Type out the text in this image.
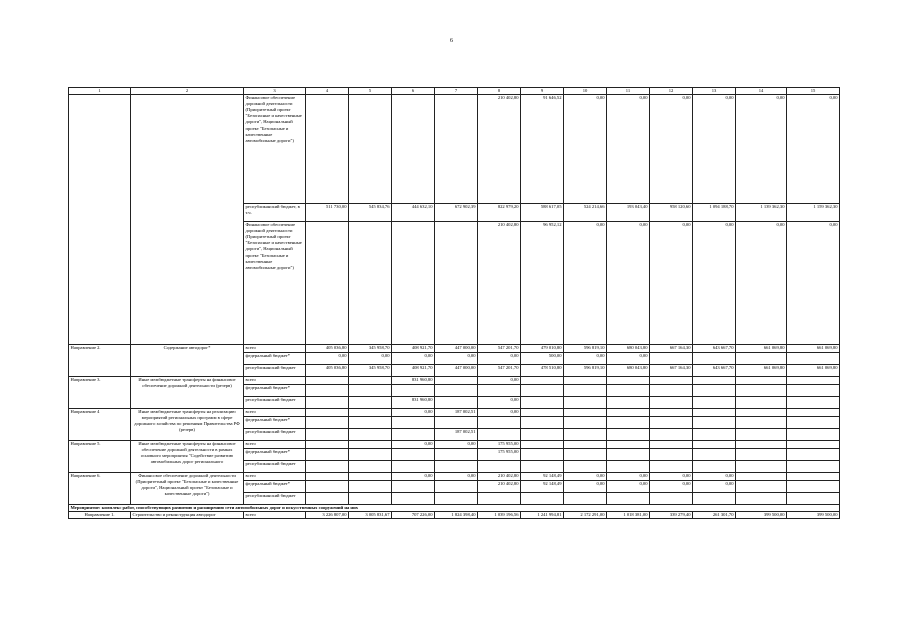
6
1	2	3	4	5	6	7	8	9	10	11	12	13	14	15
		Финансовое обеспечение дорожной деятельности (Приоритетный проект "Безопасные и качественные дороги", Национальный проект "Безопасные и качественные автомобильные дороги")					210 402,80	91 646,52	0,00	0,00	0,00	0,00	0,00	0,00
		республиканский бюджет, в т.ч.	511 730,00	545 834,76	444 632,10	672 902,39	822 979,20	588 617,05	524 214,66	193 043,40	958 120,60	1 094 188,70	1 139 362,30	1 159 362,30
		Финансовое обеспечение дорожной деятельности (Приоритетный проект "Безопасные и качественные дороги", Национальный проект "Безопасные и качественные автомобильные дороги")					210 402,80	96 952,12	0,00	0,00	0,00	0,00	0,00	0,00
Направление 2.	Содержание автодорог*	всего	405 036,80	345 958,70	408 921,70	447 000,00	547 201,70	479 010,80	596 819,10	680 043,80	667 164,30	643 667,70	661 069,80	661 069,80
		федеральный бюджет*	0,00	0,00	0,00	0,00	0,00	500,00	0,00	0,00				
		республиканский бюджет	405 036,80	345 958,70	408 921,70	447 000,00	547 201,70	478 510,80	596 819,10	680 043,80	667 164,30	643 667,70	661 069,80	661 069,80
Направление 3.	Иные межбюджетные трансферты на финансовое обеспечение дорожной деятельности (резерв)	всего			831 960,80		0,00							
		федеральный бюджет*												
		республиканский бюджет			831 960,80		0,00							
Направление 4	Иные межбюджетные трансферты на реализацию мероприятий региональных программ в сфере дорожного хозяйства по решениям Правительства РФ (резерв)	всего			0,00	187 002,51	0,00							
		федеральный бюджет*												
		республиканский бюджет				187 002,51								
Направление 5.	Иные межбюджетные трансферты на финансовое обеспечение дорожной деятельности в рамках основного мероприятия "Содействие развитию автомобильных дорог регионального	всего			0,00	0,00	175 955,00							
		федеральный бюджет*					175 955,00							
		республиканский бюджет												
Направление 6.	Финансовое обеспечение дорожной деятельности (Приоритетный проект "Безопасные и качественные дороги", Национальный проект "Безопасные и качественные дороги")	всего			0,00	0,00	210 402,80	92 148,49	0,00	0,00	0,00	0,00		
		федеральный бюджет*					210 402,80	92 148,49	0,00	0,00	0,00	0,00		
		республиканский бюджет												
Мероприятие: комплекс работ, способствующих развитию и расширению сети автомобильных дорог и искусственных сооружений на них														
Направление 1.	Строительство и реконструкция автодорог	всего	3 226 807,00	3 005 831,67	707 226,00	1 824 398,40	1 039 196,56	1 241 994,81	2 172 291,00	1 018 381,00	339 279,40	261 301,70	399 500,00	399 500,00
